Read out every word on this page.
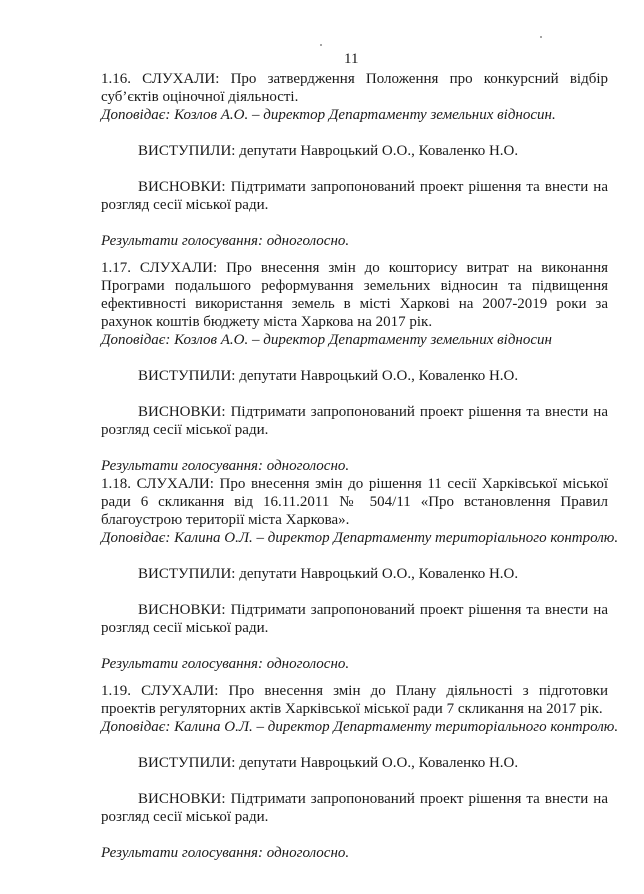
11

1.16. СЛУХАЛИ: Про затвердження Положення про конкурсний відбір суб’єктів оціночної діяльності.

Доповідає: Козлов А.О. – директор Департаменту земельних відносин.

ВИСТУПИЛИ: депутати Навроцький О.О., Коваленко Н.О.

ВИСНОВКИ: Підтримати запропонований проект рішення та внести на розгляд сесії міської ради.

Результати голосування: одноголосно.

1.17. СЛУХАЛИ: Про внесення змін до кошторису витрат на виконання Програми подальшого реформування земельних відносин та підвищення ефективності використання земель в місті Харкові на 2007-2019 роки за рахунок коштів бюджету міста Харкова на 2017 рік.

Доповідає: Козлов А.О. – директор Департаменту земельних відносин

ВИСТУПИЛИ: депутати Навроцький О.О., Коваленко Н.О.

ВИСНОВКИ: Підтримати запропонований проект рішення та внести на розгляд сесії міської ради.

Результати голосування: одноголосно.

1.18. СЛУХАЛИ: Про внесення змін до рішення 11 сесії Харківської міської ради 6 скликання від 16.11.2011 № 504/11 «Про встановлення Правил благоустрою території міста Харкова».

Доповідає: Калина О.Л. – директор Департаменту територіального контролю.

ВИСТУПИЛИ: депутати Навроцький О.О., Коваленко Н.О.

ВИСНОВКИ: Підтримати запропонований проект рішення та внести на розгляд сесії міської ради.

Результати голосування: одноголосно.

1.19. СЛУХАЛИ: Про внесення змін до Плану діяльності з підготовки проектів регуляторних актів Харківської міської ради 7 скликання на 2017 рік.

Доповідає: Калина О.Л. – директор Департаменту територіального контролю.

ВИСТУПИЛИ: депутати Навроцький О.О., Коваленко Н.О.

ВИСНОВКИ: Підтримати запропонований проект рішення та внести на розгляд сесії міської ради.

Результати голосування: одноголосно.
